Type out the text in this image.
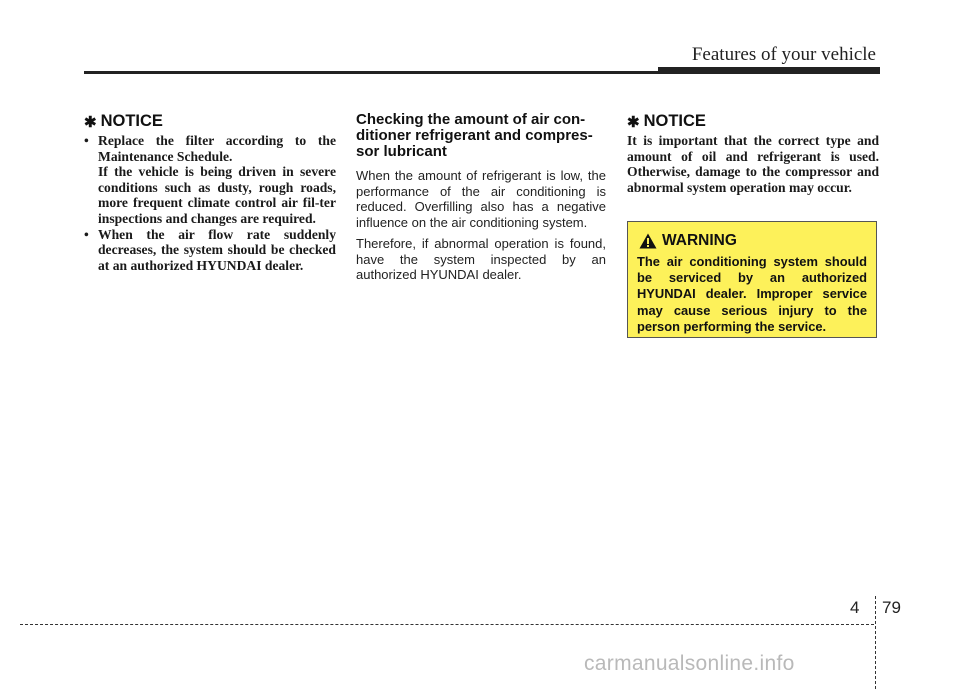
Features of your vehicle
✱ NOTICE
• Replace the filter according to the Maintenance Schedule.

If the vehicle is being driven in severe conditions such as dusty, rough roads, more frequent climate control air fil-ter inspections and changes are required.

• When the air flow rate suddenly decreases, the system should be checked at an authorized HYUNDAI dealer.

Checking the amount of air con-ditioner refrigerant and compres-sor lubricant

When the amount of refrigerant is low, the performance of the air conditioning is reduced. Overfilling also has a negative influence on the air conditioning system.

Therefore, if abnormal operation is found, have the system inspected by an authorized HYUNDAI dealer.

✱ NOTICE

It is important that the correct type and amount of oil and refrigerant is used. Otherwise, damage to the compressor and abnormal system operation may occur.

WARNING

The air conditioning system should be serviced by an authorized HYUNDAI dealer. Improper service may cause serious injury to the person performing the service.

4 79
carmanualsonline.info
